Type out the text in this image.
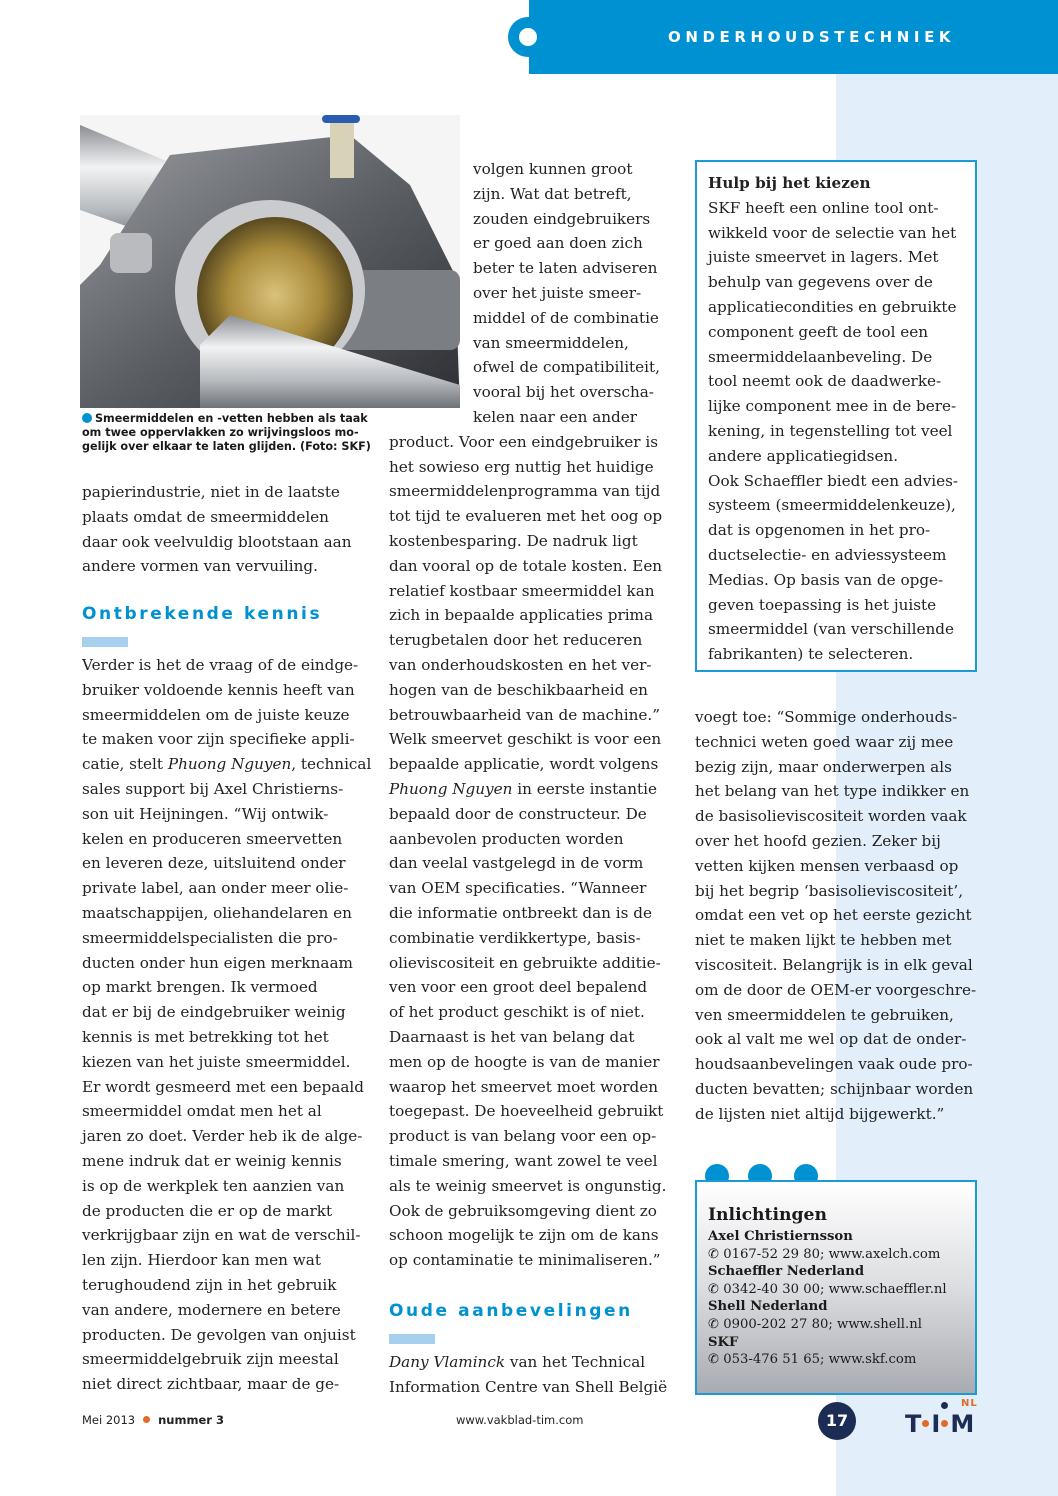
ONDERHOUDSTECHNIEK
Smeermiddelen en -vetten hebben als taak
om twee oppervlakken zo wrijvingsloos mo-
gelijk over elkaar te laten glijden. (Foto: SKF)

papierindustrie, niet in de laatste

plaats omdat de smeermiddelen

daar ook veelvuldig blootstaan aan

andere vormen van vervuiling.

Ontbrekende kennis

Verder is het de vraag of de eindge-

bruiker voldoende kennis heeft van

smeermiddelen om de juiste keuze

te maken voor zijn specifieke appli-

catie, stelt Phuong Nguyen, technical

sales support bij Axel Christierns-

son uit Heijningen. “Wij ontwik-

kelen en produceren smeervetten

en leveren deze, uitsluitend onder

private label, aan onder meer olie-

maatschappijen, oliehandelaren en

smeermiddelspecialisten die pro-

ducten onder hun eigen merknaam

op markt brengen. Ik vermoed

dat er bij de eindgebruiker weinig

kennis is met betrekking tot het

kiezen van het juiste smeermiddel.

Er wordt gesmeerd met een bepaald

smeermiddel omdat men het al

jaren zo doet. Verder heb ik de alge-

mene indruk dat er weinig kennis

is op de werkplek ten aanzien van

de producten die er op de markt

verkrijgbaar zijn en wat de verschil-

len zijn. Hierdoor kan men wat

terughoudend zijn in het gebruik

van andere, modernere en betere

producten. De gevolgen van onjuist

smeermiddelgebruik zijn meestal

niet direct zichtbaar, maar de ge-

volgen kunnen groot

zijn. Wat dat betreft,

zouden eindgebruikers

er goed aan doen zich

beter te laten adviseren

over het juiste smeer-

middel of de combinatie

van smeermiddelen,

ofwel de compatibiliteit,

vooral bij het overscha-

kelen naar een ander

product. Voor een eindgebruiker is

het sowieso erg nuttig het huidige

smeermiddelenprogramma van tijd

tot tijd te evalueren met het oog op

kostenbesparing. De nadruk ligt

dan vooral op de totale kosten. Een

relatief kostbaar smeermiddel kan

zich in bepaalde applicaties prima

terugbetalen door het reduceren

van onderhoudskosten en het ver-

hogen van de beschikbaarheid en

betrouwbaarheid van de machine.”

Welk smeervet geschikt is voor een

bepaalde applicatie, wordt volgens

Phuong Nguyen in eerste instantie

bepaald door de constructeur. De

aanbevolen producten worden

dan veelal vastgelegd in de vorm

van OEM specificaties. “Wanneer

die informatie ontbreekt dan is de

combinatie verdikkertype, basis-

olieviscositeit en gebruikte additie-

ven voor een groot deel bepalend

of het product geschikt is of niet.

Daarnaast is het van belang dat

men op de hoogte is van de manier

waarop het smeervet moet worden

toegepast. De hoeveelheid gebruikt

product is van belang voor een op-

timale smering, want zowel te veel

als te weinig smeervet is ongunstig.

Ook de gebruiksomgeving dient zo

schoon mogelijk te zijn om de kans

op contaminatie te minimaliseren.”

Oude aanbevelingen

Dany Vlaminck van het Technical

Information Centre van Shell België

Hulp bij het kiezen

SKF heeft een online tool ont-

wikkeld voor de selectie van het

juiste smeervet in lagers. Met

behulp van gegevens over de

applicatiecondities en gebruikte

component geeft de tool een

smeermiddelaanbeveling. De

tool neemt ook de daadwerke-

lijke component mee in de bere-

kening, in tegenstelling tot veel

andere applicatiegidsen.

Ook Schaeffler biedt een advies-

systeem (smeermiddelenkeuze),

dat is opgenomen in het pro-

ductselectie- en adviessysteem

Medias. Op basis van de opge-

geven toepassing is het juiste

smeermiddel (van verschillende

fabrikanten) te selecteren.

voegt toe: “Sommige onderhouds-

technici weten goed waar zij mee

bezig zijn, maar onderwerpen als

het belang van het type indikker en

de basisolieviscositeit worden vaak

over het hoofd gezien. Zeker bij

vetten kijken mensen verbaasd op

bij het begrip ‘basisolieviscositeit’,

omdat een vet op het eerste gezicht

niet te maken lijkt te hebben met

viscositeit. Belangrijk is in elk geval

om de door de OEM-er voorgeschre-

ven smeermiddelen te gebruiken,

ook al valt me wel op dat de onder-

houdsaanbevelingen vaak oude pro-

ducten bevatten; schijnbaar worden

de lijsten niet altijd bijgewerkt.”

Inlichtingen

Axel Christiernsson

✆ 0167-52 29 80; www.axelch.com

Schaeffler Nederland

✆ 0342-40 30 00; www.schaeffler.nl

Shell Nederland

✆ 0900-202 27 80; www.shell.nl

SKF

✆ 053-476 51 65; www.skf.com

Mei 2013 nummer 3	www.vakblad-tim.com	17
NL
T I M
